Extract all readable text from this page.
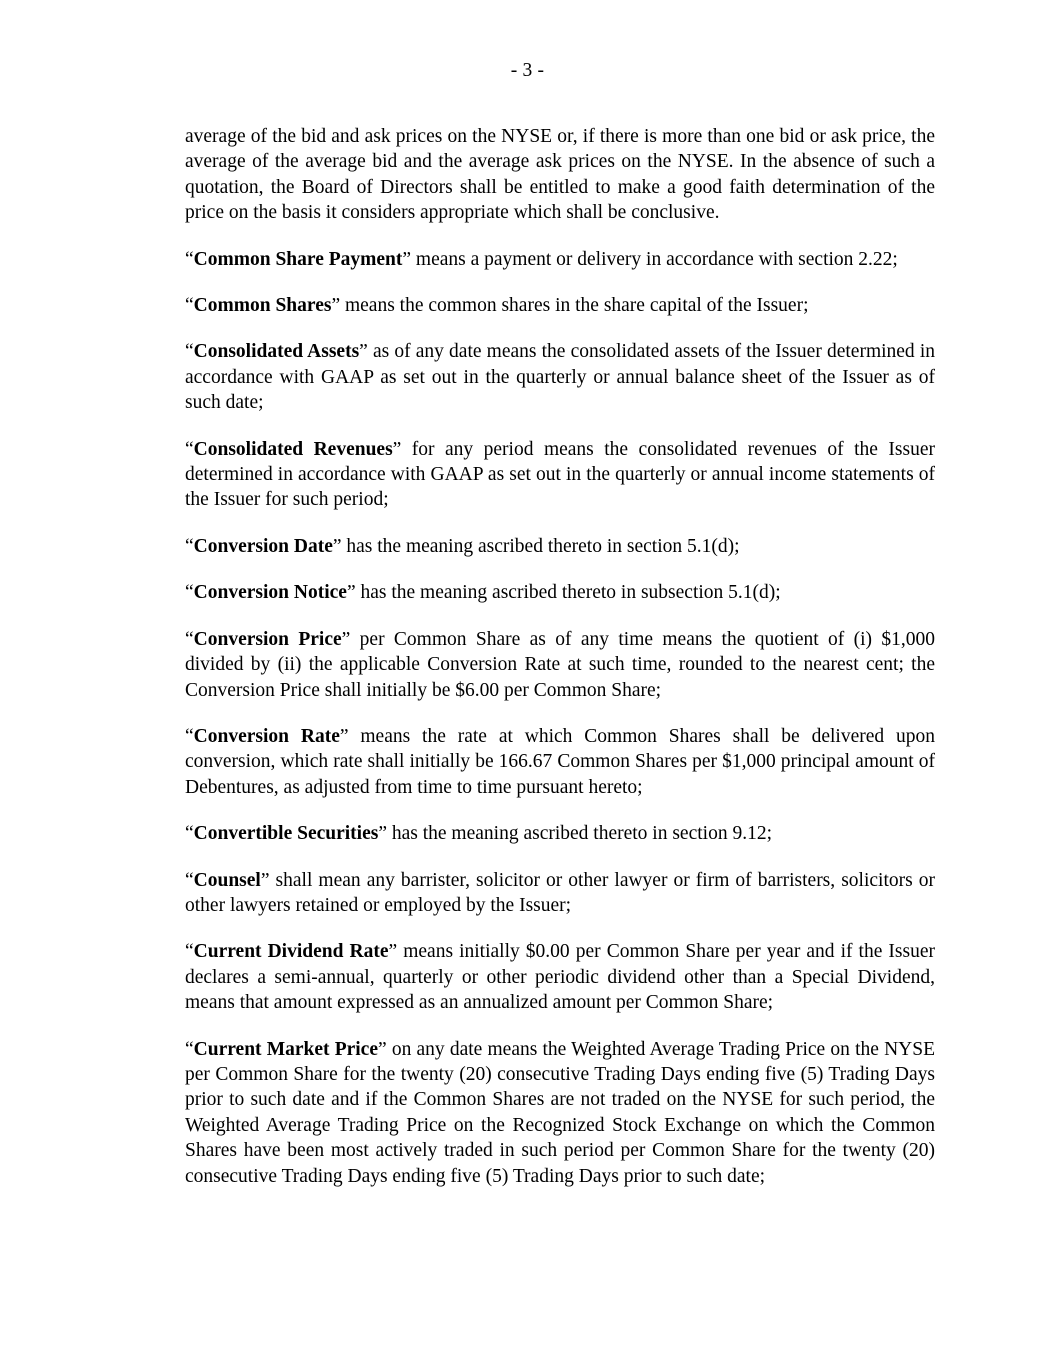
- 3 -

average of the bid and ask prices on the NYSE or, if there is more than one bid or ask price, the average of the average bid and the average ask prices on the NYSE. In the absence of such a quotation, the Board of Directors shall be entitled to make a good faith determination of the price on the basis it considers appropriate which shall be conclusive.

“Common Share Payment” means a payment or delivery in accordance with section 2.22;

“Common Shares” means the common shares in the share capital of the Issuer;

“Consolidated Assets” as of any date means the consolidated assets of the Issuer determined in accordance with GAAP as set out in the quarterly or annual balance sheet of the Issuer as of such date;

“Consolidated Revenues” for any period means the consolidated revenues of the Issuer determined in accordance with GAAP as set out in the quarterly or annual income statements of the Issuer for such period;

“Conversion Date” has the meaning ascribed thereto in section 5.1(d);

“Conversion Notice” has the meaning ascribed thereto in subsection 5.1(d);

“Conversion Price” per Common Share as of any time means the quotient of (i) $1,000 divided by (ii) the applicable Conversion Rate at such time, rounded to the nearest cent; the Conversion Price shall initially be $6.00 per Common Share;

“Conversion Rate” means the rate at which Common Shares shall be delivered upon conversion, which rate shall initially be 166.67 Common Shares per $1,000 principal amount of Debentures, as adjusted from time to time pursuant hereto;

“Convertible Securities” has the meaning ascribed thereto in section 9.12;

“Counsel” shall mean any barrister, solicitor or other lawyer or firm of barristers, solicitors or other lawyers retained or employed by the Issuer;

“Current Dividend Rate” means initially $0.00 per Common Share per year and if the Issuer declares a semi-annual, quarterly or other periodic dividend other than a Special Dividend, means that amount expressed as an annualized amount per Common Share;

“Current Market Price” on any date means the Weighted Average Trading Price on the NYSE per Common Share for the twenty (20) consecutive Trading Days ending five (5) Trading Days prior to such date and if the Common Shares are not traded on the NYSE for such period, the Weighted Average Trading Price on the Recognized Stock Exchange on which the Common Shares have been most actively traded in such period per Common Share for the twenty (20) consecutive Trading Days ending five (5) Trading Days prior to such date;
